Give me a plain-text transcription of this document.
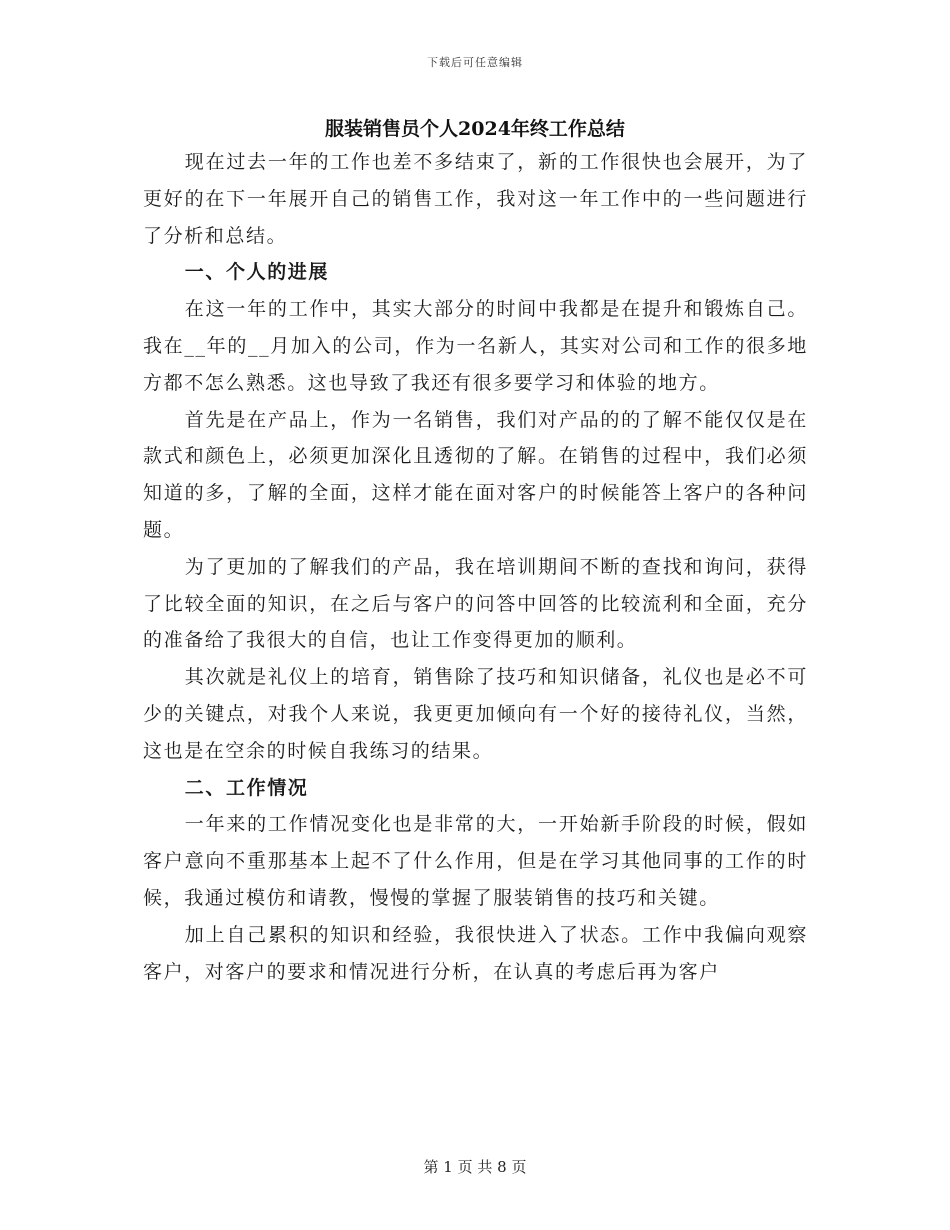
下载后可任意编辑
服装销售员个人2024年终工作总结

现在过去一年的工作也差不多结束了，新的工作很快也会展开，为了更好的在下一年展开自己的销售工作，我对这一年工作中的一些问题进行了分析和总结。

一、个人的进展

在这一年的工作中，其实大部分的时间中我都是在提升和锻炼自己。我在__年的__月加入的公司，作为一名新人，其实对公司和工作的很多地方都不怎么熟悉。这也导致了我还有很多要学习和体验的地方。

首先是在产品上，作为一名销售，我们对产品的的了解不能仅仅是在款式和颜色上，必须更加深化且透彻的了解。在销售的过程中，我们必须知道的多，了解的全面，这样才能在面对客户的时候能答上客户的各种问题。

为了更加的了解我们的产品，我在培训期间不断的查找和询问，获得了比较全面的知识，在之后与客户的问答中回答的比较流利和全面，充分的准备给了我很大的自信，也让工作变得更加的顺利。

其次就是礼仪上的培育，销售除了技巧和知识储备，礼仪也是必不可少的关键点，对我个人来说，我更更加倾向有一个好的接待礼仪，当然，这也是在空余的时候自我练习的结果。

二、工作情况

一年来的工作情况变化也是非常的大，一开始新手阶段的时候，假如客户意向不重那基本上起不了什么作用，但是在学习其他同事的工作的时候，我通过模仿和请教，慢慢的掌握了服装销售的技巧和关键。

加上自己累积的知识和经验，我很快进入了状态。工作中我偏向观察客户，对客户的要求和情况进行分析，在认真的考虑后再为客户

第 1 页 共 8 页
